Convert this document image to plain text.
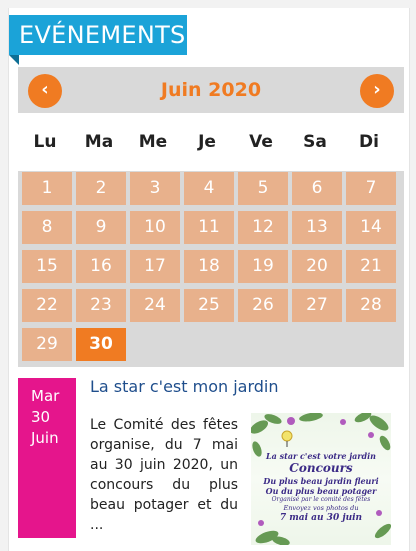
EVÉNEMENTS
‹	Juin 2020	›
Lu	Ma	Me	Je	Ve	Sa	Di
1	2	3	4	5	6	7
8	9	10	11	12	13	14
15	16	17	18	19	20	21
22	23	24	25	26	27	28
29	30
Mar
30
Juin
La star c'est mon jardin
Le Comité des fêtes organise, du 7 mai au 30 juin 2020, un concours du plus beau potager et du ...
La star c'est votre jardin
Concours
Du plus beau jardin fleuri
Ou du plus beau potager
Organisé par le comité des fêtes
Envoyez vos photos du
7 mai au 30 juin
